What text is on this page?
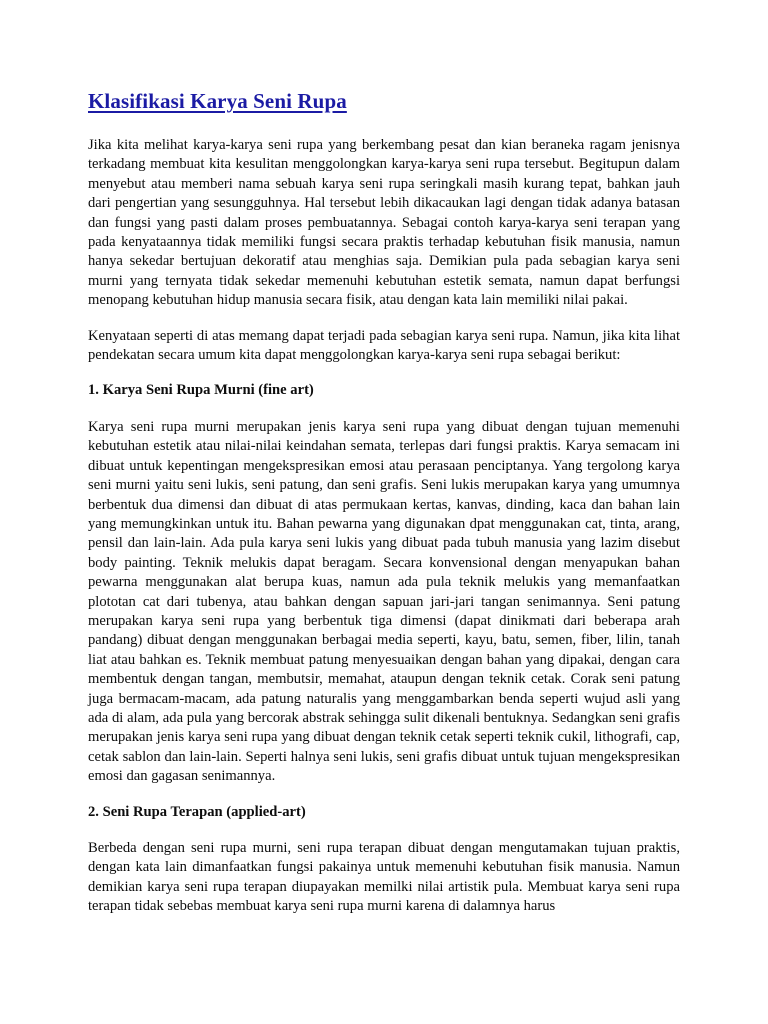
Klasifikasi Karya Seni Rupa

Jika kita melihat karya-karya seni rupa yang berkembang pesat dan kian beraneka ragam jenisnya terkadang membuat kita kesulitan menggolongkan karya-karya seni rupa tersebut. Begitupun dalam menyebut atau memberi nama sebuah karya seni rupa seringkali masih kurang tepat, bahkan jauh dari pengertian yang sesungguhnya. Hal tersebut lebih dikacaukan lagi dengan tidak adanya batasan dan fungsi yang pasti dalam proses pembuatannya. Sebagai contoh karya-karya seni terapan yang pada kenyataannya tidak memiliki fungsi secara praktis terhadap kebutuhan fisik manusia, namun hanya sekedar bertujuan dekoratif atau menghias saja. Demikian pula pada sebagian karya seni murni yang ternyata tidak sekedar memenuhi kebutuhan estetik semata, namun dapat berfungsi menopang kebutuhan hidup manusia secara fisik, atau dengan kata lain memiliki nilai pakai.

Kenyataan seperti di atas memang dapat terjadi pada sebagian karya seni rupa. Namun, jika kita lihat pendekatan secara umum kita dapat menggolongkan karya-karya seni rupa sebagai berikut:

1. Karya Seni Rupa Murni (fine art)

Karya seni rupa murni merupakan jenis karya seni rupa yang dibuat dengan tujuan memenuhi kebutuhan estetik atau nilai-nilai keindahan semata, terlepas dari fungsi praktis. Karya semacam ini dibuat untuk kepentingan mengekspresikan emosi atau perasaan penciptanya. Yang tergolong karya seni murni yaitu seni lukis, seni patung, dan seni grafis. Seni lukis merupakan karya yang umumnya berbentuk dua dimensi dan dibuat di atas permukaan kertas, kanvas, dinding, kaca dan bahan lain yang memungkinkan untuk itu. Bahan pewarna yang digunakan dpat menggunakan cat, tinta, arang, pensil dan lain-lain. Ada pula karya seni lukis yang dibuat pada tubuh manusia yang lazim disebut body painting. Teknik melukis dapat beragam. Secara konvensional dengan menyapukan bahan pewarna menggunakan alat berupa kuas, namun ada pula teknik melukis yang memanfaatkan plototan cat dari tubenya, atau bahkan dengan sapuan jari-jari tangan senimannya. Seni patung merupakan karya seni rupa yang berbentuk tiga dimensi (dapat dinikmati dari beberapa arah pandang) dibuat dengan menggunakan berbagai media seperti, kayu, batu, semen, fiber, lilin, tanah liat atau bahkan es. Teknik membuat patung menyesuaikan dengan bahan yang dipakai, dengan cara membentuk dengan tangan, membutsir, memahat, ataupun dengan teknik cetak. Corak seni patung juga bermacam-macam, ada patung naturalis yang menggambarkan benda seperti wujud asli yang ada di alam, ada pula yang bercorak abstrak sehingga sulit dikenali bentuknya. Sedangkan seni grafis merupakan jenis karya seni rupa yang dibuat dengan teknik cetak seperti teknik cukil, lithografi, cap, cetak sablon dan lain-lain. Seperti halnya seni lukis, seni grafis dibuat untuk tujuan mengekspresikan emosi dan gagasan senimannya.

2. Seni Rupa Terapan (applied-art)

Berbeda dengan seni rupa murni, seni rupa terapan dibuat dengan mengutamakan tujuan praktis, dengan kata lain dimanfaatkan fungsi pakainya untuk memenuhi kebutuhan fisik manusia. Namun demikian karya seni rupa terapan diupayakan memilki nilai artistik pula. Membuat karya seni rupa terapan tidak sebebas membuat karya seni rupa murni karena di dalamnya harus
